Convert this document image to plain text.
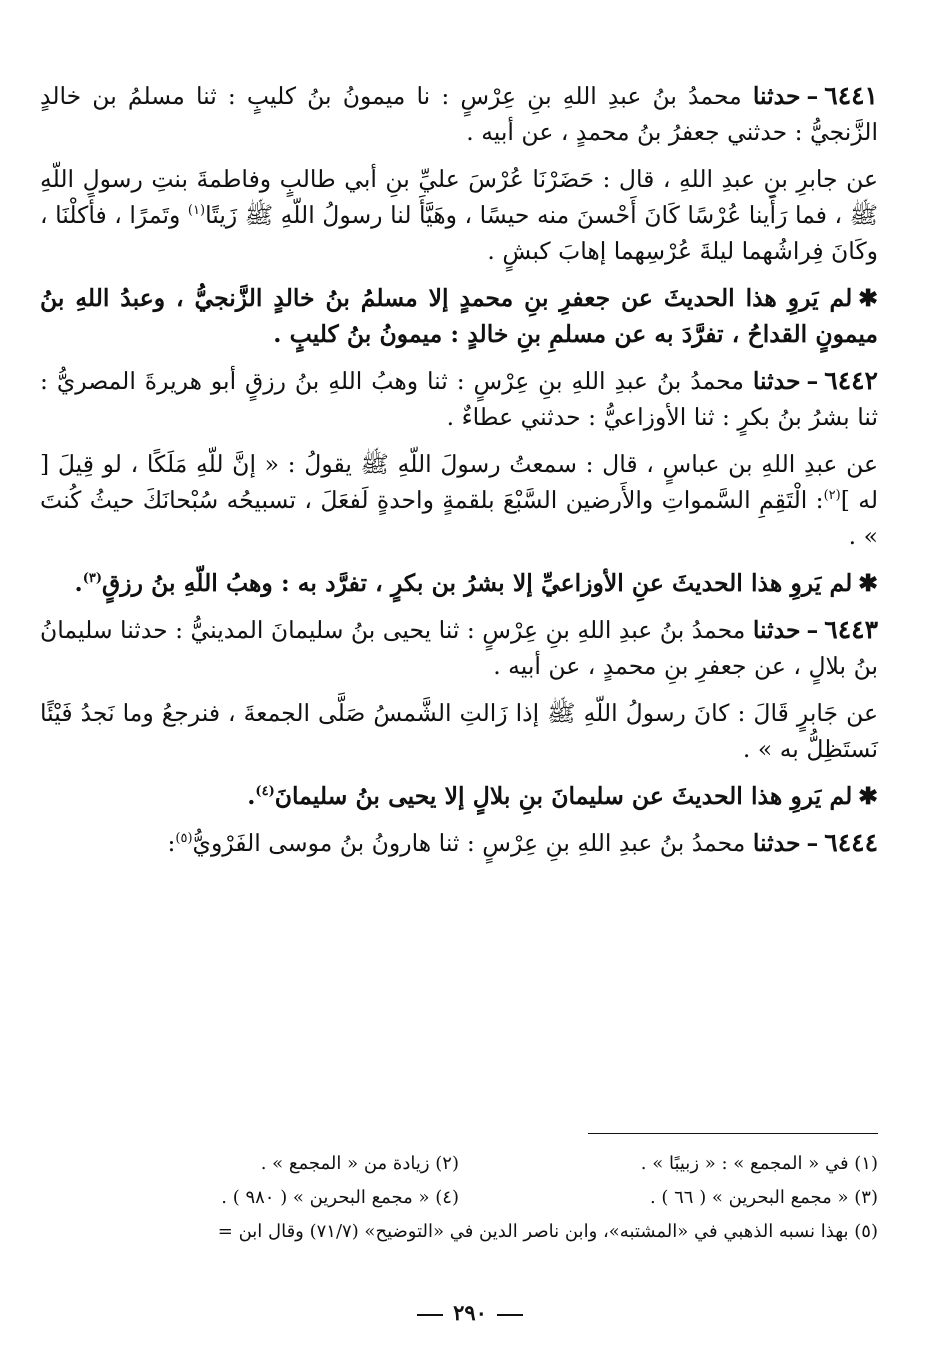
٦٤٤١–حدثنا محمدُ بنُ عبدِ اللهِ بنِ عِرْسٍ : نا ميمونُ بنُ كليبٍ : ثنا مسلمُ بن خالدٍ الزَّنجيُّ : حدثني جعفرُ بنُ محمدٍ ، عن أبيه .

عن جابرِ بنِ عبدِ اللهِ ، قال : حَضَرْنَا عُرْسَ عليِّ بنِ أبي طالبٍ وفاطمةَ بنتِ رسولِ اللّهِ ﷺ ، فما رَأَينا عُرْسًا كَانَ أَحْسنَ منه حيسًا ، وهَيَّأَ لنا رسولُ اللّهِ ﷺ زَيتًا$^{(١)}$ وتَمرًا ، فأَكلْنَا ، وكَانَ فِراشُهما ليلةَ عُرْسِهما إهابَ كبشٍ .

✱لم يَروِ هذا الحديثَ عن جعفرِ بنِ محمدٍ إلا مسلمُ بنُ خالدٍ الزَّنجيُّ ، وعبدُ اللهِ بنُ ميمونٍ القداحُ ، تفرَّدَ به عن مسلمِ بنِ خالدٍ : ميمونُ بنُ كليبٍ .

٦٤٤٢–حدثنا محمدُ بنُ عبدِ اللهِ بنِ عِرْسٍ : ثنا وهبُ اللهِ بنُ رزقٍ أبو هريرةَ المصريُّ : ثنا بشرُ بنُ بكرٍ : ثنا الأوزاعيُّ : حدثني عطاءٌ .

عن عبدِ اللهِ بن عباسٍ ، قال : سمعتُ رسولَ اللّهِ ﷺ يقولُ : « إنَّ للّهِ مَلَكًا ، لو قِيلَ [ له ]$^{(٢)}$: الْتَقِمِ السَّمواتِ والأَرضين السَّبْعَ بلقمةٍ واحدةٍ لَفعَلَ ، تسبيحُه سُبْحانَكَ حيثُ كُنتَ » .

✱لم يَروِ هذا الحديثَ عنِ الأوزاعيِّ إلا بشرُ بن بكرٍ ، تفرَّد به : وهبُ اللّهِ بنُ رزقٍ$^{(٣)}$.

٦٤٤٣–حدثنا محمدُ بنُ عبدِ اللهِ بنِ عِرْسٍ : ثنا يحيى بنُ سليمانَ المدينيُّ : حدثنا سليمانُ بنُ بلالٍ ، عن جعفرِ بنِ محمدٍ ، عن أبيه .

عن جَابرٍ قَالَ : كانَ رسولُ اللّهِ ﷺ إذا زَالتِ الشَّمسُ صَلَّى الجمعةَ ، فنرجعُ وما نَجدُ فَيْئًا نَستَظِلُّ به » .

✱لم يَروِ هذا الحديثَ عن سليمانَ بنِ بلالٍ إلا يحيى بنُ سليمانَ$^{(٤)}$.

٦٤٤٤–حدثنا محمدُ بنُ عبدِ اللهِ بنِ عِرْسٍ : ثنا هارونُ بنُ موسى الفَرْويُّ$^{(٥)}$:

(١) في « المجمع » : « زبيبًا » .
(٢) زيادة من « المجمع » .
(٣) « مجمع البحرين » ( ٦٦ ) .
(٤) « مجمع البحرين » ( ٩٨٠ ) .
(٥) بهذا نسبه الذهبي في «المشتبه»، وابن ناصر الدين في «التوضيح» (٧١/٧) وقال ابن =
٢٩٠
